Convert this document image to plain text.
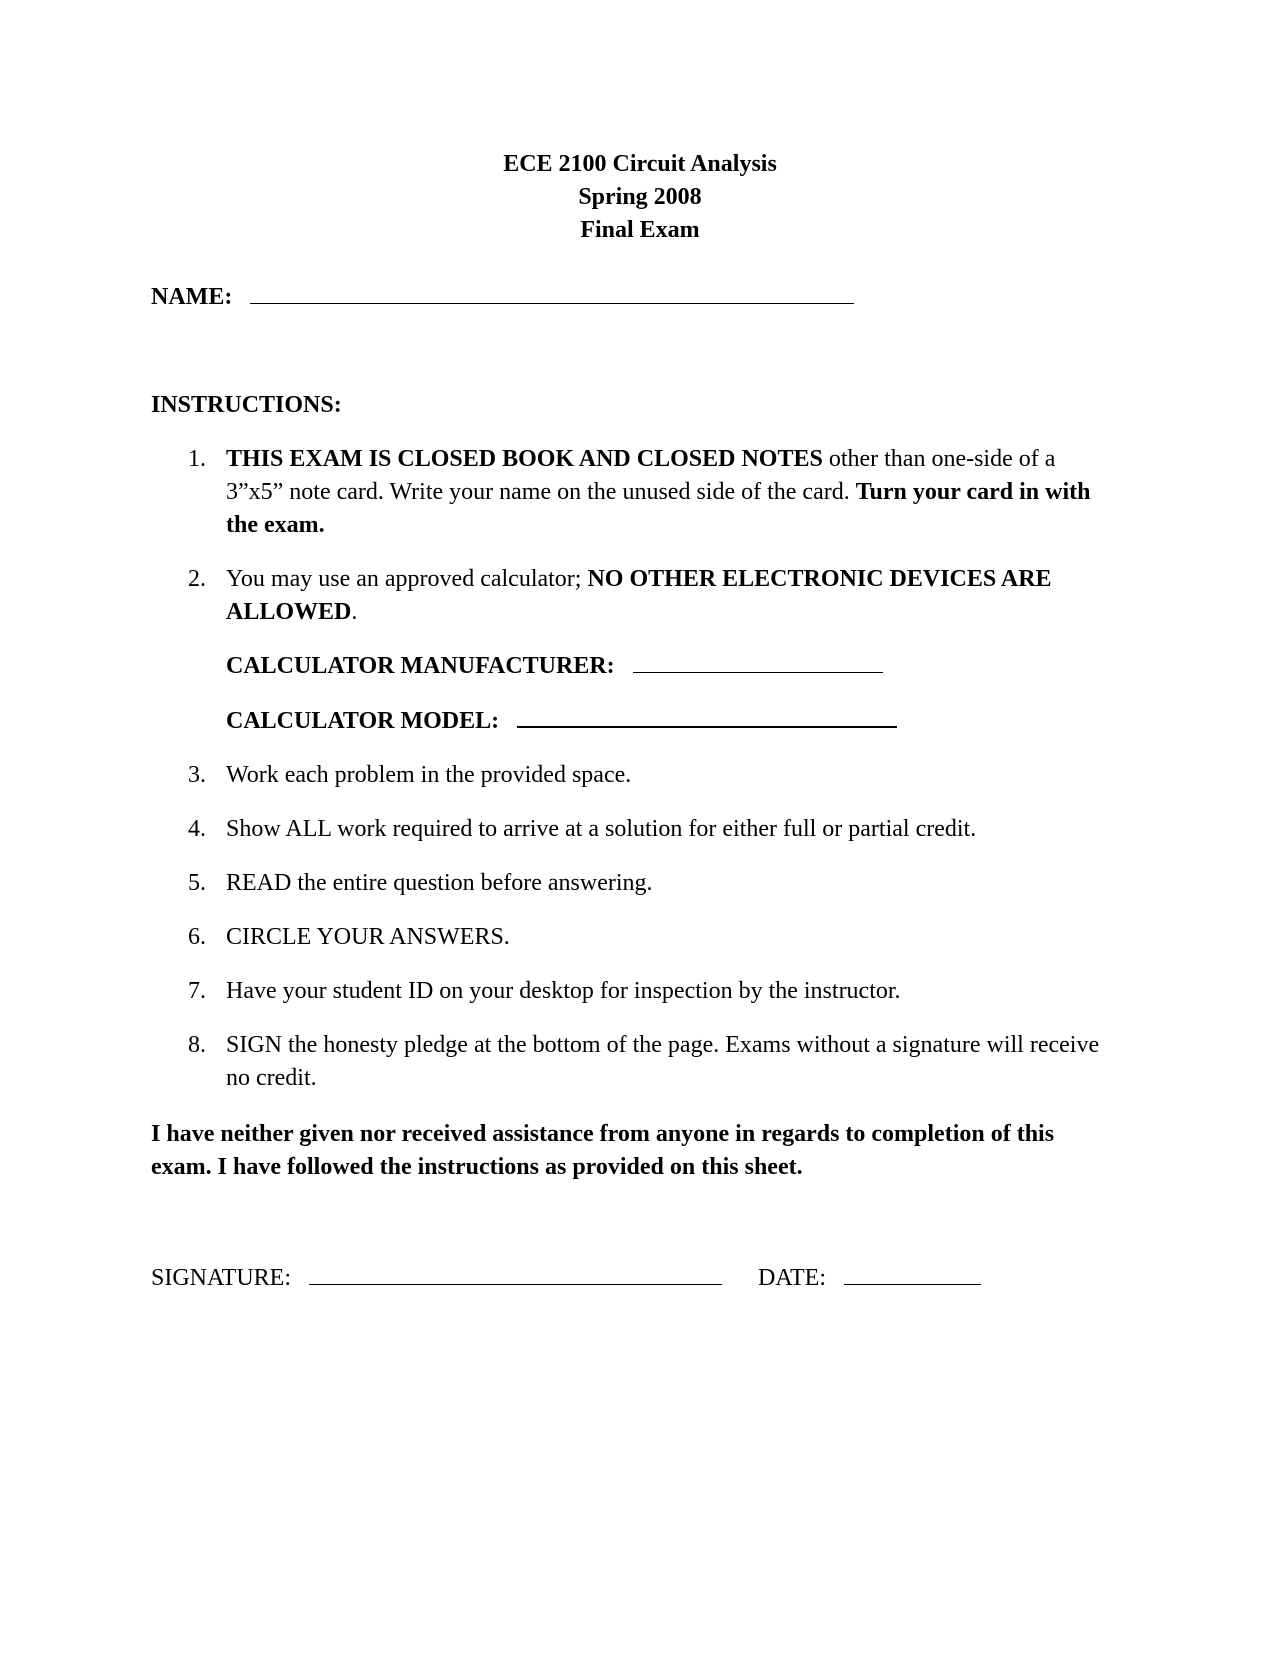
ECE 2100 Circuit Analysis
Spring 2008
Final Exam
NAME:
INSTRUCTIONS:
1. THIS EXAM IS CLOSED BOOK AND CLOSED NOTES other than one-side of a 3”x5” note card. Write your name on the unused side of the card. Turn your card in with the exam.
2. You may use an approved calculator; NO OTHER ELECTRONIC DEVICES ARE ALLOWED.
CALCULATOR MANUFACTURER:
CALCULATOR MODEL:
3. Work each problem in the provided space.
4. Show ALL work required to arrive at a solution for either full or partial credit.
5. READ the entire question before answering.
6. CIRCLE YOUR ANSWERS.
7. Have your student ID on your desktop for inspection by the instructor.
8. SIGN the honesty pledge at the bottom of the page. Exams without a signature will receive no credit.
I have neither given nor received assistance from anyone in regards to completion of this exam. I have followed the instructions as provided on this sheet.
SIGNATURE:	DATE:
